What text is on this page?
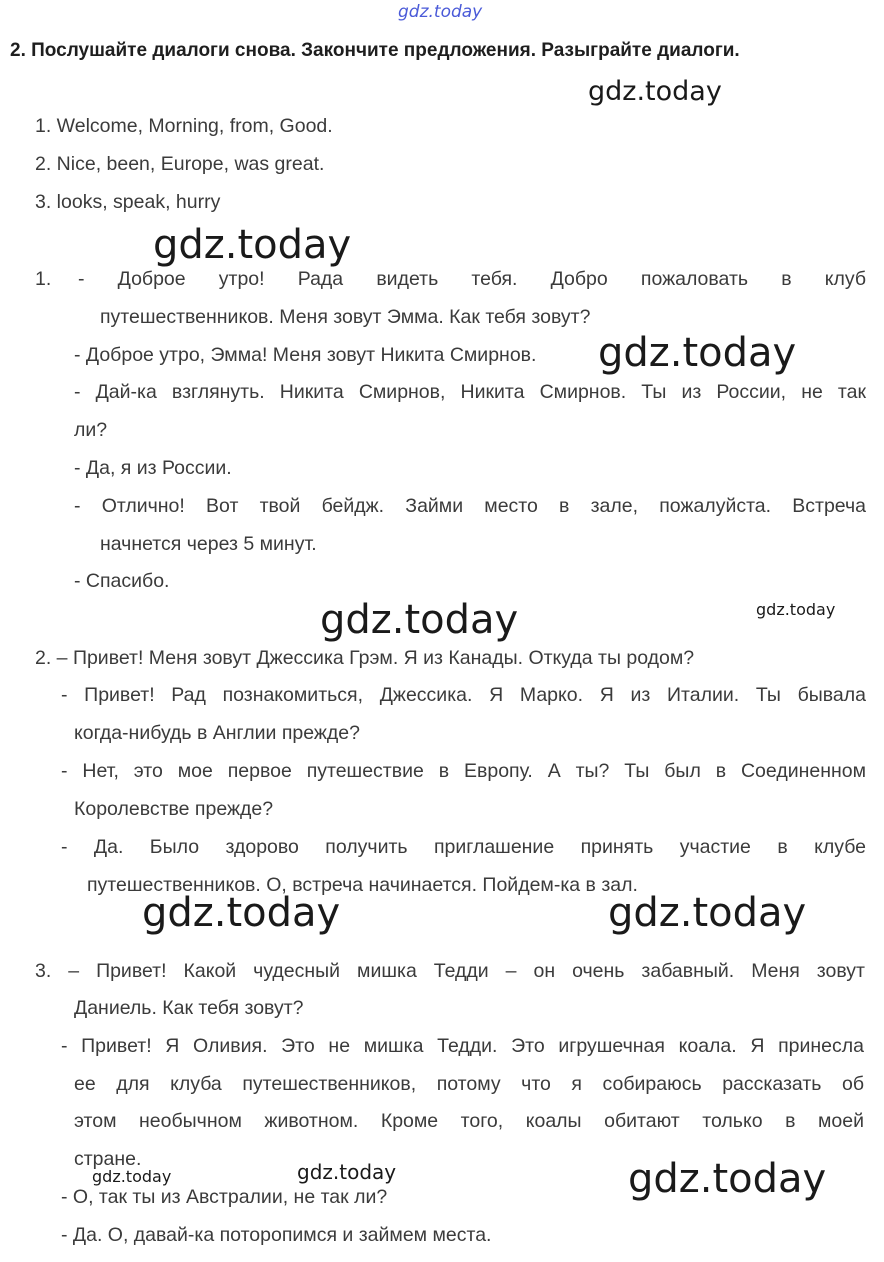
gdz.today
2. Послушайте диалоги снова. Закончите предложения. Разыграйте диалоги.
gdz.today
1. Welcome, Morning, from, Good.
2. Nice, been, Europe, was great.
3. looks, speak, hurry
gdz.today
1. - Доброе утро! Рада видеть тебя. Добро пожаловать в клуб
путешественников. Меня зовут Эмма. Как тебя зовут?
- Доброе утро, Эмма! Меня зовут Никита Смирнов. gdz.today
- Дай-ка взглянуть. Никита Смирнов, Никита Смирнов. Ты из России, не так
ли?
- Да, я из России.
- Отлично! Вот твой бейдж. Займи место в зале, пожалуйста. Встреча
начнется через 5 минут.
- Спасибо.
gdz.today	gdz.today
2. – Привет! Меня зовут Джессика Грэм. Я из Канады. Откуда ты родом?
- Привет! Рад познакомиться, Джессика. Я Марко. Я из Италии. Ты бывала
когда-нибудь в Англии прежде?
- Нет, это мое первое путешествие в Европу. А ты? Ты был в Соединенном
Королевстве прежде?
- Да. Было здорово получить приглашение принять участие в клубе
путешественников. О, встреча начинается. Пойдем-ка в зал.
gdz.today	gdz.today
3. – Привет! Какой чудесный мишка Тедди – он очень забавный. Меня зовут
Даниель. Как тебя зовут?
- Привет! Я Оливия. Это не мишка Тедди. Это игрушечная коала. Я принесла
ее для клуба путешественников, потому что я собираюсь рассказать об
этом необычном животном. Кроме того, коалы обитают только в моей
стране.
gdz.today	gdz.today	gdz.today
- О, так ты из Австралии, не так ли?
- Да. О, давай-ка поторопимся и займем места.
